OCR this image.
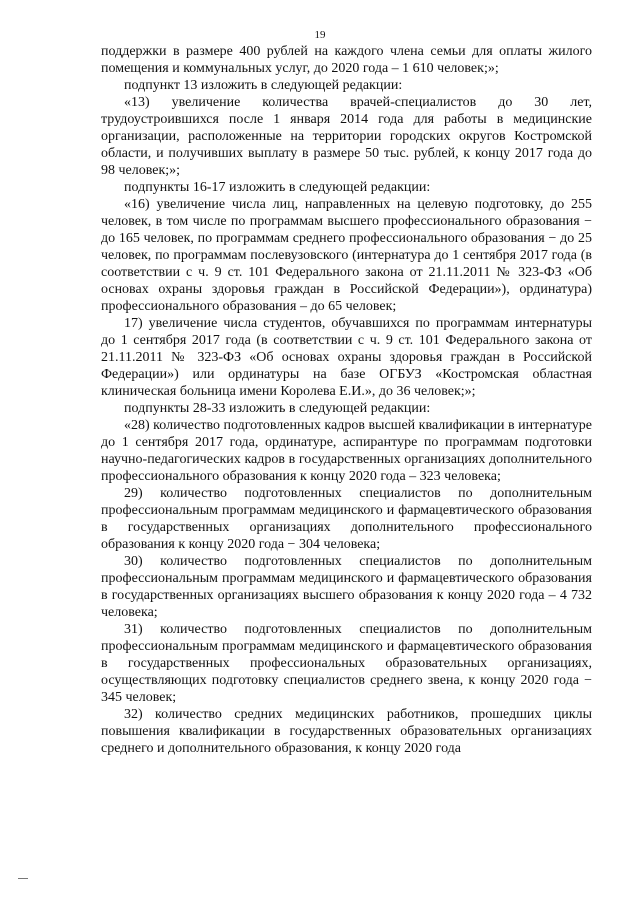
19

поддержки в размере 400 рублей на каждого члена семьи для оплаты жилого помещения и коммунальных услуг, до 2020 года – 1 610 человек;»;

подпункт 13 изложить в следующей редакции:

«13) увеличение количества врачей-специалистов до 30 лет, трудоустроившихся после 1 января 2014 года для работы в медицинские организации, расположенные на территории городских округов Костромской области, и получивших выплату в размере 50 тыс. рублей, к концу 2017 года до 98 человек;»;

подпункты 16-17 изложить в следующей редакции:

«16) увеличение числа лиц, направленных на целевую подготовку, до 255 человек, в том числе по программам высшего профессионального образования − до 165 человек, по программам среднего профессионального образования − до 25 человек, по программам послевузовского (интернатура до 1 сентября 2017 года (в соответствии с ч. 9 ст. 101 Федерального закона от 21.11.2011 № 323-ФЗ «Об основах охраны здоровья граждан в Российской Федерации»), ординатура) профессионального образования – до 65 человек;

17) увеличение числа студентов, обучавшихся по программам интернатуры до 1 сентября 2017 года (в соответствии с ч. 9 ст. 101 Федерального закона от 21.11.2011 № 323-ФЗ «Об основах охраны здоровья граждан в Российской Федерации») или ординатуры на базе ОГБУЗ «Костромская областная клиническая больница имени Королева Е.И.», до 36 человек;»;

подпункты 28-33 изложить в следующей редакции:

«28) количество подготовленных кадров высшей квалификации в интернатуре до 1 сентября 2017 года, ординатуре, аспирантуре по программам подготовки научно-педагогических кадров в государственных организациях дополнительного профессионального образования к концу 2020 года – 323 человека;

29) количество подготовленных специалистов по дополнительным профессиональным программам медицинского и фармацевтического образования в государственных организациях дополнительного профессионального образования к концу 2020 года − 304 человека;

30) количество подготовленных специалистов по дополнительным профессиональным программам медицинского и фармацевтического образования в государственных организациях высшего образования к концу 2020 года – 4 732 человека;

31) количество подготовленных специалистов по дополнительным профессиональным программам медицинского и фармацевтического образования в государственных профессиональных образовательных организациях, осуществляющих подготовку специалистов среднего звена, к концу 2020 года − 345 человек;

32) количество средних медицинских работников, прошедших циклы повышения квалификации в государственных образовательных организациях среднего и дополнительного образования, к концу 2020 года
